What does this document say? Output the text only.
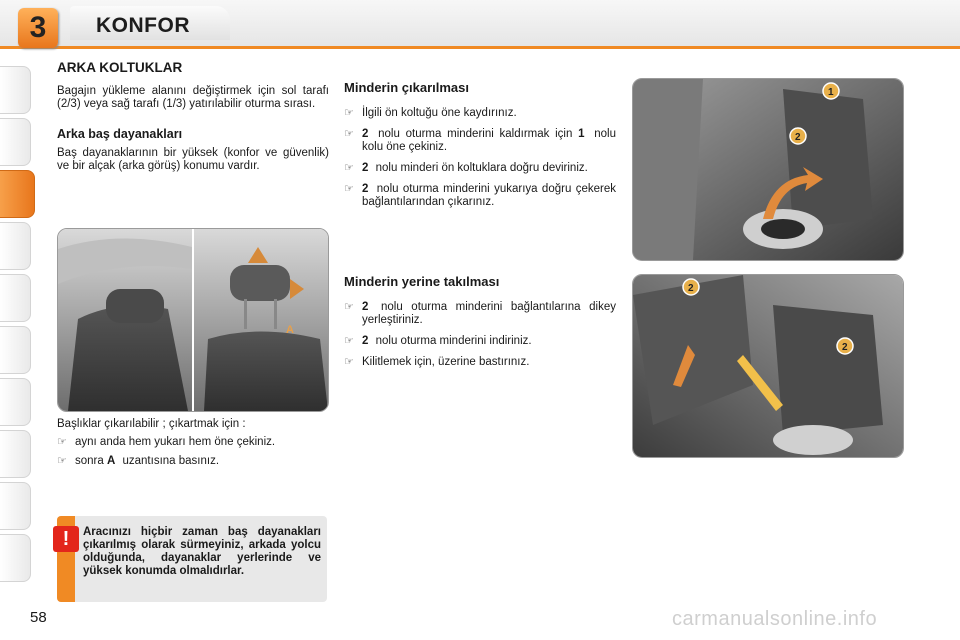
3	KONFOR
ARKA KOLTUKLAR

Bagajın yükleme alanını değiştirmek için sol tarafı (2/3) veya sağ tarafı (1/3) yatırılabilir oturma sırası.

Arka baş dayanakları

Baş dayanaklarının bir yüksek (konfor ve güvenlik) ve bir alçak (arka görüş) konumu vardır.

A
Başlıklar çıkarılabilir ; çıkartmak için :
☞ aynı anda hem yukarı hem öne çekiniz.
☞ sonra A uzantısına basınız.
!	Aracınızı hiçbir zaman baş dayanakları çıkarılmış olarak sürmeyiniz, arkada yolcu olduğunda, dayanaklar yerlerinde ve yüksek konumda olmalıdırlar.
Minderin çıkarılması
☞ İlgili ön koltuğu öne kaydırınız.
☞ 2 nolu oturma minderini kaldırmak için 1 nolu kolu öne çekiniz.
☞ 2 nolu minderi ön koltuklara doğru deviriniz.
☞ 2 nolu oturma minderini yukarıya doğru çekerek bağlantılarından çıkarınız.
Minderin yerine takılması
☞ 2 nolu oturma minderini bağlantılarına dikey yerleştiriniz.
☞ 2 nolu oturma minderini indiriniz.
☞ Kilitlemek için, üzerine bastırınız.
1
2
2
2
58	carmanualsonline.info
